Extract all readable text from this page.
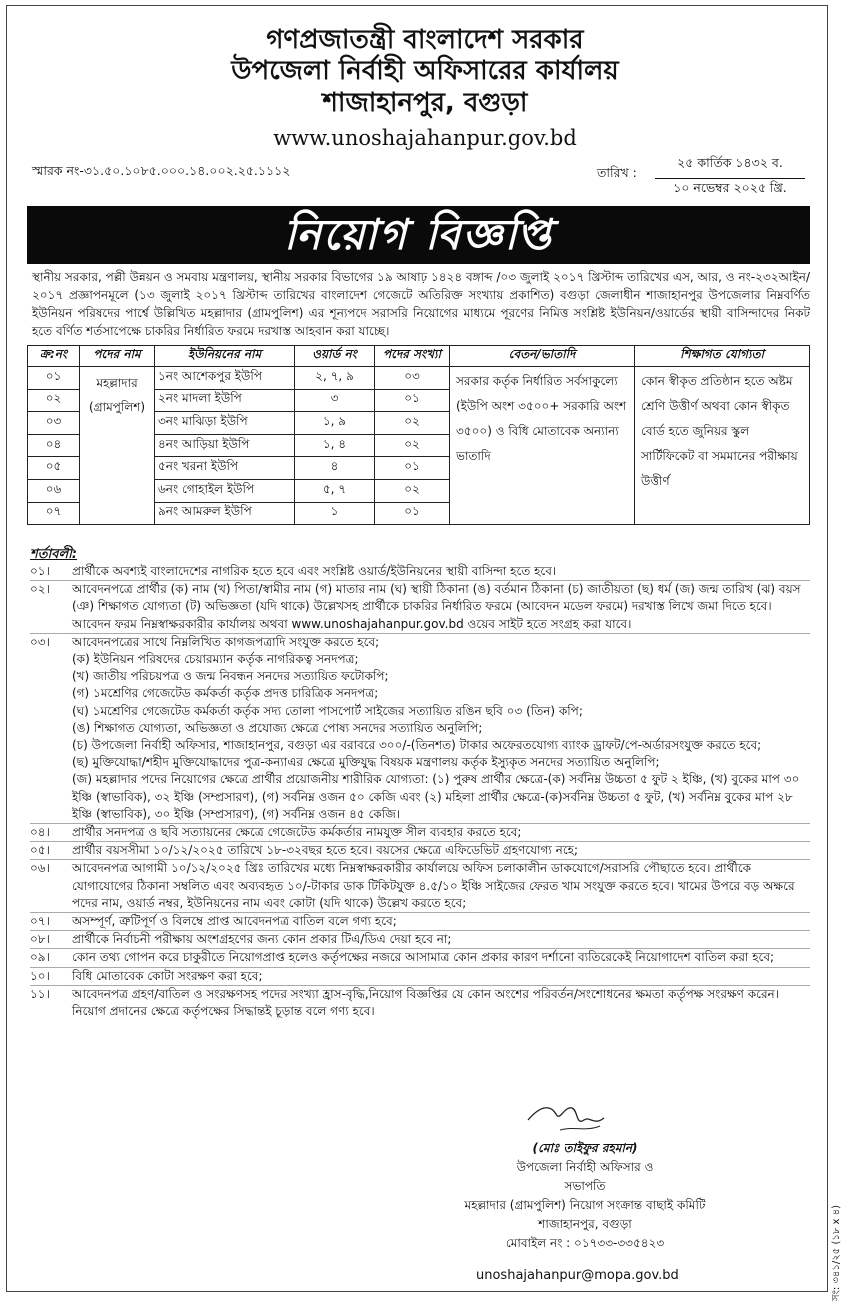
গণপ্রজাতন্ত্রী বাংলাদেশ সরকার
উপজেলা নির্বাহী অফিসারের কার্যালয়
শাজাহানপুর, বগুড়া
www.unoshajahanpur.gov.bd
স্মারক নং-৩১.৫০.১০৮৫.০০০.১৪.০০২.২৫.১১১২	তারিখ :
২৫ কার্তিক ১৪৩২ ব.
১০ নভেম্বর ২০২৫ খ্রি.
নিয়োগ বিজ্ঞপ্তি
স্থানীয় সরকার, পল্লী উন্নয়ন ও সমবায় মন্ত্রণালয়, স্থানীয় সরকার বিভাগের ১৯ আষাঢ় ১৪২৪ বঙ্গাব্দ /০৩ জুলাই ২০১৭ খ্রিস্টাব্দ তারিখের এস, আর, ও নং-২৩২আইন/২০১৭ প্রজ্ঞাপনমূলে (১৩ জুলাই ২০১৭ খ্রিস্টাব্দ তারিখের বাংলাদেশ গেজেটে অতিরিক্ত সংখ্যায় প্রকাশিত) বগুড়া জেলাধীন শাজাহানপুর উপজেলার নিম্নবর্ণিত ইউনিয়ন পরিষদের পার্শ্বে উল্লিখিত মহল্লাদার (গ্রামপুলিশ) এর শূন্যপদে সরাসরি নিয়োগের মাধ্যমে পূরণের নিমিত্ত সংশ্লিষ্ট ইউনিয়ন/ওয়ার্ডের স্থায়ী বাসিন্দাদের নিকট হতে বর্ণিত শর্তসাপেক্ষে চাকরির নির্ধারিত ফরমে দরখাস্ত আহবান করা যাচ্ছে।
ক্র:নং	পদের নাম	ইউনিয়নের নাম	ওয়ার্ড নং	পদের সংখ্যা	বেতন/ভাতাদি	শিক্ষাগত যোগ্যতা
০১	মহল্লাদার (গ্রামপুলিশ)	১নং আশেকপুর ইউপি	২, ৭, ৯	০৩	সরকার কর্তৃক নির্ধারিত সর্বসাকুল্যে (ইউপি অংশ ৩৫০০+ সরকারি অংশ ৩৫০০) ও বিধি মোতাবেক অন্যান্য ভাতাদি	কোন স্বীকৃত প্রতিষ্ঠান হতে অষ্টম শ্রেণি উত্তীর্ণ অথবা কোন স্বীকৃত বোর্ড হতে জুনিয়র স্কুল সার্টিফিকেট বা সমমানের পরীক্ষায় উত্তীর্ণ
০২		২নং মাদলা ইউপি	৩	০১		
০৩		৩নং মাঝিড়া ইউপি	১, ৯	০২		
০৪		৪নং আড়িয়া ইউপি	১, ৪	০২		
০৫		৫নং খরনা ইউপি	৪	০১		
০৬		৬নং গোহাইল ইউপি	৫, ৭	০২		
০৭		৯নং আমরুল ইউপি	১	০১		
শর্তাবলী:
০১।	প্রার্থীকে অবশ্যই বাংলাদেশের নাগরিক হতে হবে এবং সংশ্লিষ্ট ওয়ার্ড/ইউনিয়নের স্থায়ী বাসিন্দা হতে হবে।
০২।	আবেদনপত্রে প্রার্থীর (ক) নাম (খ) পিতা/স্বামীর নাম (গ) মাতার নাম (ঘ) স্থায়ী ঠিকানা (ঙ) বর্তমান ঠিকানা (চ) জাতীয়তা (ছ) ধর্ম (জ) জন্ম তারিখ (ঝ) বয়স (ঞ) শিক্ষাগত যোগ্যতা (ট) অভিজ্ঞতা (যদি থাকে) উল্লেখসহ প্রার্থীকে চাকরির নির্ধারিত ফরমে (আবেদন মডেল ফরমে) দরখাস্ত লিখে জমা দিতে হবে। আবেদন ফরম নিম্নস্বাক্ষরকারীর কার্যালয় অথবা www.unoshajahanpur.gov.bd ওয়েব সাইট হতে সংগ্রহ করা যাবে।
০৩।	আবেদনপত্রের সাথে নিম্নলিখিত কাগজপত্রাদি সংযুক্ত করতে হবে;
(ক) ইউনিয়ন পরিষদের চেয়ারম্যান কর্তৃক নাগরিকত্ব সনদপত্র;
(খ) জাতীয় পরিচয়পত্র ও জন্ম নিবন্ধন সনদের সত্যায়িত ফটোকপি;
(গ) ১মশ্রেণির গেজেটেড কর্মকর্তা কর্তৃক প্রদত্ত চারিত্রিক সনদপত্র;
(ঘ) ১মশ্রেণির গেজেটেড কর্মকর্তা কর্তৃক সদ্য তোলা পাসপোর্ট সাইজের সত্যায়িত রঙিন ছবি ০৩ (তিন) কপি;
(ঙ) শিক্ষাগত যোগ্যতা, অভিজ্ঞতা ও প্রযোজ্য ক্ষেত্রে পোষ্য সনদের সত্যায়িত অনুলিপি;
(চ) উপজেলা নির্বাহী অফিসার, শাজাহানপুর, বগুড়া এর বরাবরে ৩০০/-(তিনশত) টাকার অফেরতযোগ্য ব্যাংক ড্রাফট/পে-অর্ডারসংযুক্ত করতে হবে;
(ছ) মুক্তিযোদ্ধা/শহীদ মুক্তিযোদ্ধাদের পুত্র-কন্যাএর ক্ষেত্রে মুক্তিযুদ্ধ বিষয়ক মন্ত্রণালয় কর্তৃক ইস্যুকৃত সনদের সত্যায়িত অনুলিপি;
(জ) মহল্লাদার পদের নিয়োগের ক্ষেত্রে প্রার্থীর প্রয়োজনীয় শারীরিক যোগ্যতা: (১) পুরুষ প্রার্থীর ক্ষেত্রে-(ক) সর্বনিম্ন উচ্চতা ৫ ফুট ২ ইঞ্চি, (খ) বুকের মাপ ৩০ ইঞ্চি (স্বাভাবিক), ৩২ ইঞ্চি (সম্প্রসারণ), (গ) সর্বনিম্ন ওজন ৫০ কেজি এবং (২) মহিলা প্রার্থীর ক্ষেত্রে-(ক)সর্বনিম্ন উচ্চতা ৫ ফুট, (খ) সর্বনিম্ন বুকের মাপ ২৮ ইঞ্চি (স্বাভাবিক), ৩০ ইঞ্চি (সম্প্রসারণ), (গ) সর্বনিম্ন ওজন ৪৫ কেজি।
০৪।	প্রার্থীর সনদপত্র ও ছবি সত্যায়নের ক্ষেত্রে গেজেটেড কর্মকর্তার নামযুক্ত সীল ব্যবহার করতে হবে;
০৫।	প্রার্থীর বয়সসীমা ১০/১২/২০২৫ তারিখে ১৮-৩২বছর হতে হবে। বয়সের ক্ষেত্রে এফিডেভিট গ্রহণযোগ্য নহে;
০৬।	আবেদনপত্র আগামী ১০/১২/২০২৫ খ্রিঃ তারিখের মধ্যে নিম্নস্বাক্ষরকারীর কার্যালয়ে অফিস চলাকালীন ডাকযোগে/সরাসরি পৌছাতে হবে। প্রার্থীকে যোগাযোগের ঠিকানা সম্বলিত এবং অব্যবহৃত ১০/-টাকার ডাক টিকিটযুক্ত ৪.৫/১০ ইঞ্চি সাইজের ফেরত খাম সংযুক্ত করতে হবে। খামের উপরে বড় অক্ষরে পদের নাম, ওয়ার্ড নম্বর, ইউনিয়নের নাম এবং কোটা (যদি থাকে) উল্লেখ করতে হবে;
০৭।	অসম্পূর্ণ, ত্রুটিপূর্ণ ও বিলম্বে প্রাপ্ত আবেদনপত্র বাতিল বলে গণ্য হবে;
০৮।	প্রার্থীকে নির্বাচনী পরীক্ষায় অংশগ্রহণের জন্য কোন প্রকার টিএ/ডিএ দেয়া হবে না;
০৯।	কোন তথ্য গোপন করে চাকুরীতে নিয়োগপ্রাপ্ত হলেও কর্তৃপক্ষের নজরে আসামাত্র কোন প্রকার কারণ দর্শানো ব্যতিরেকেই নিয়োগাদেশ বাতিল করা হবে;
১০।	বিধি মোতাবেক কোটা সংরক্ষণ করা হবে;
১১।	আবেদনপত্র গ্রহণ/বাতিল ও সংরক্ষণসহ পদের সংখ্যা হ্রাস-বৃদ্ধি,নিয়োগ বিজ্ঞপ্তির যে কোন অংশের পরিবর্তন/সংশোধনের ক্ষমতা কর্তৃপক্ষ সংরক্ষণ করেন।
নিয়োগ প্রদানের ক্ষেত্রে কর্তৃপক্ষের সিদ্ধান্তই চূড়ান্ত বলে গণ্য হবে।
(মোঃ তাইফুর রহমান)
উপজেলা নির্বাহী অফিসার ও
সভাপতি
মহল্লাদার (গ্রামপুলিশ) নিয়োগ সংক্রান্ত বাছাই কমিটি
শাজাহানপুর, বগুড়া
মোবাইল নং : ০১৭৩৩-৩৩৫৪২৩
unoshajahanpur@mopa.gov.bd	সং: ৩৪১/২৫ (১৮ x ৪)
